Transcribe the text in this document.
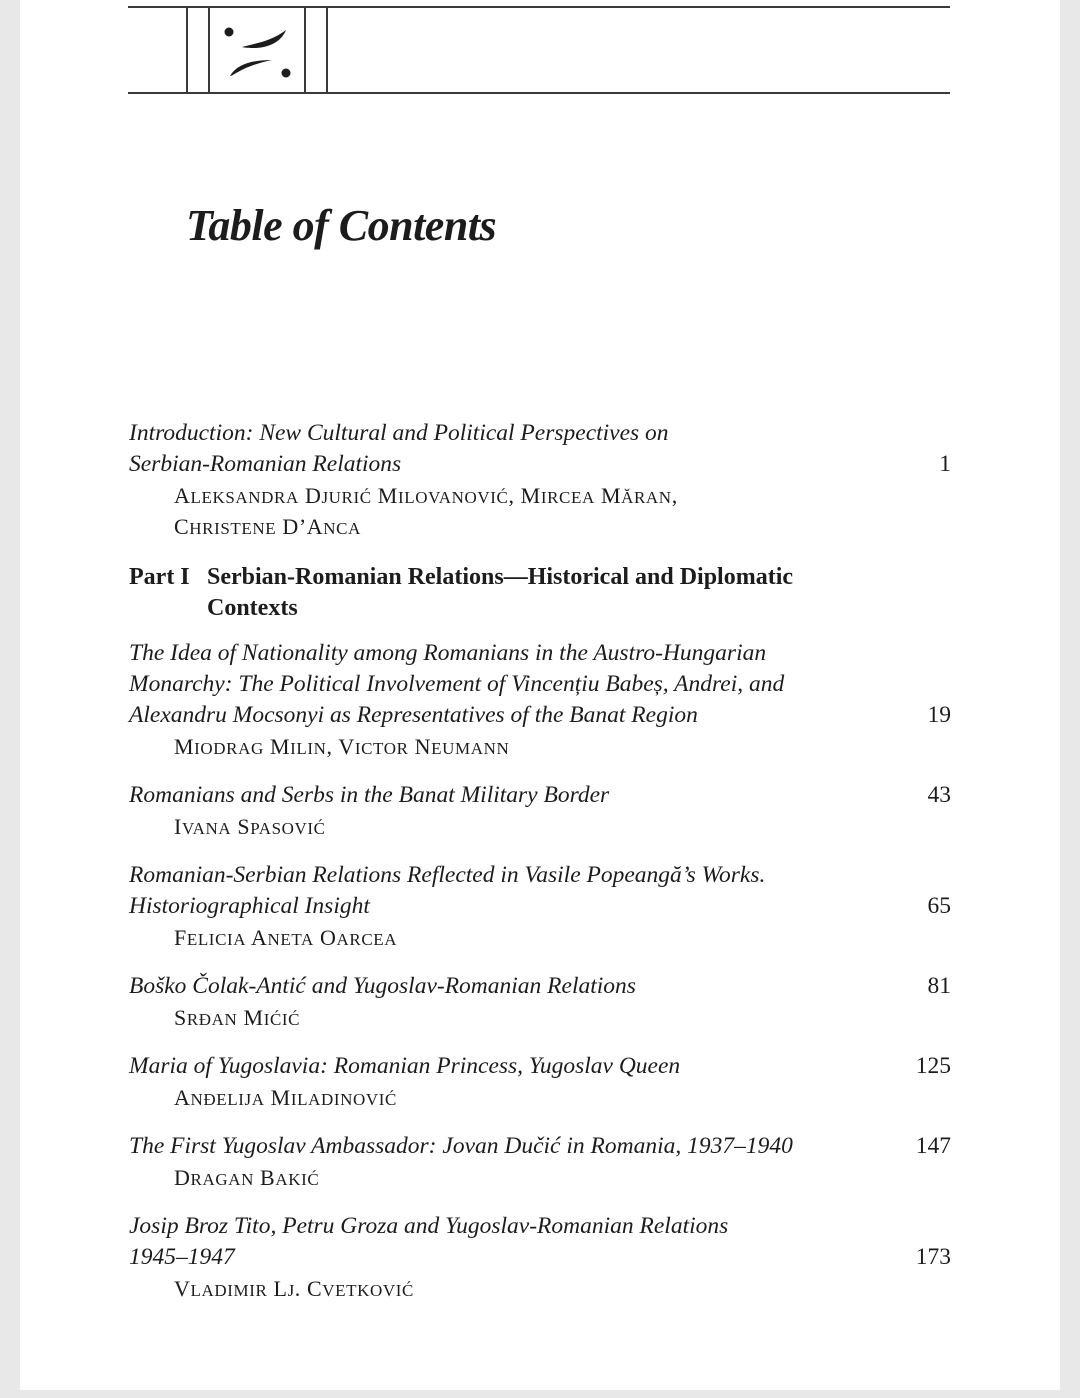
Table of Contents
Introduction: New Cultural and Political Perspectives on
Serbian-Romanian Relations	1
ALEKSANDRA DJURIĆ MILOVANOVIĆ, MIRCEA MĂRAN,
CHRISTENE D’ANCA
Part I Serbian-Romanian Relations—Historical and Diplomatic
Contexts
The Idea of Nationality among Romanians in the Austro-Hungarian
Monarchy: The Political Involvement of Vincențiu Babeș, Andrei, and
Alexandru Mocsonyi as Representatives of the Banat Region	19
MIODRAG MILIN, VICTOR NEUMANN
Romanians and Serbs in the Banat Military Border	43
IVANA SPASOVIĆ
Romanian-Serbian Relations Reflected in Vasile Popeangă’s Works.
Historiographical Insight	65
FELICIA ANETA OARCEA
Boško Čolak-Antić and Yugoslav-Romanian Relations	81
SRĐAN MIĆIĆ
Maria of Yugoslavia: Romanian Princess, Yugoslav Queen	125
ANĐELIJA MILADINOVIĆ
The First Yugoslav Ambassador: Jovan Dučić in Romania, 1937–1940	147
DRAGAN BAKIĆ
Josip Broz Tito, Petru Groza and Yugoslav-Romanian Relations
1945–1947	173
VLADIMIR LJ. CVETKOVIĆ
